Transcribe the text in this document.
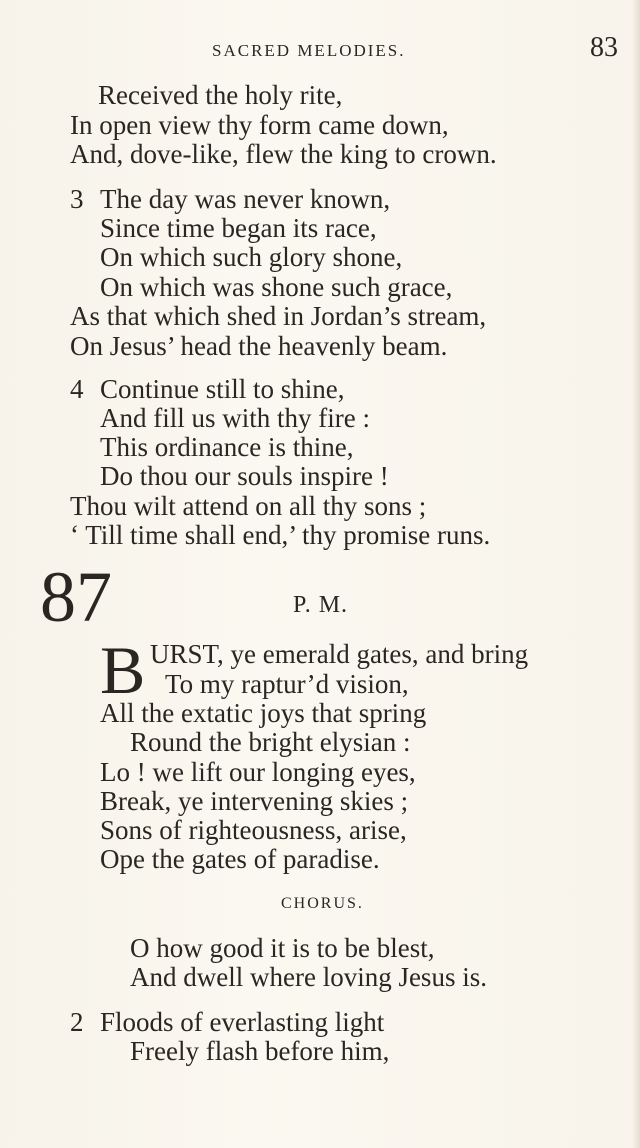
SACRED MELODIES.	83
Received the holy rite,
In open view thy form came down,
And, dove-like, flew the king to crown.
3 The day was never known,
Since time began its race,
On which such glory shone,
On which was shone such grace,
As that which shed in Jordan’s stream,
On Jesus’ head the heavenly beam.
4 Continue still to shine,
And fill us with thy fire :
This ordinance is thine,
Do thou our souls inspire !
Thou wilt attend on all thy sons ;
‘ Till time shall end,’ thy promise runs.
87	P. M.
B URST, ye emerald gates, and bring
To my raptur’d vision,
All the extatic joys that spring
Round the bright elysian :
Lo ! we lift our longing eyes,
Break, ye intervening skies ;
Sons of righteousness, arise,
Ope the gates of paradise.
CHORUS.
O how good it is to be blest,
And dwell where loving Jesus is.
2 Floods of everlasting light
Freely flash before him,
